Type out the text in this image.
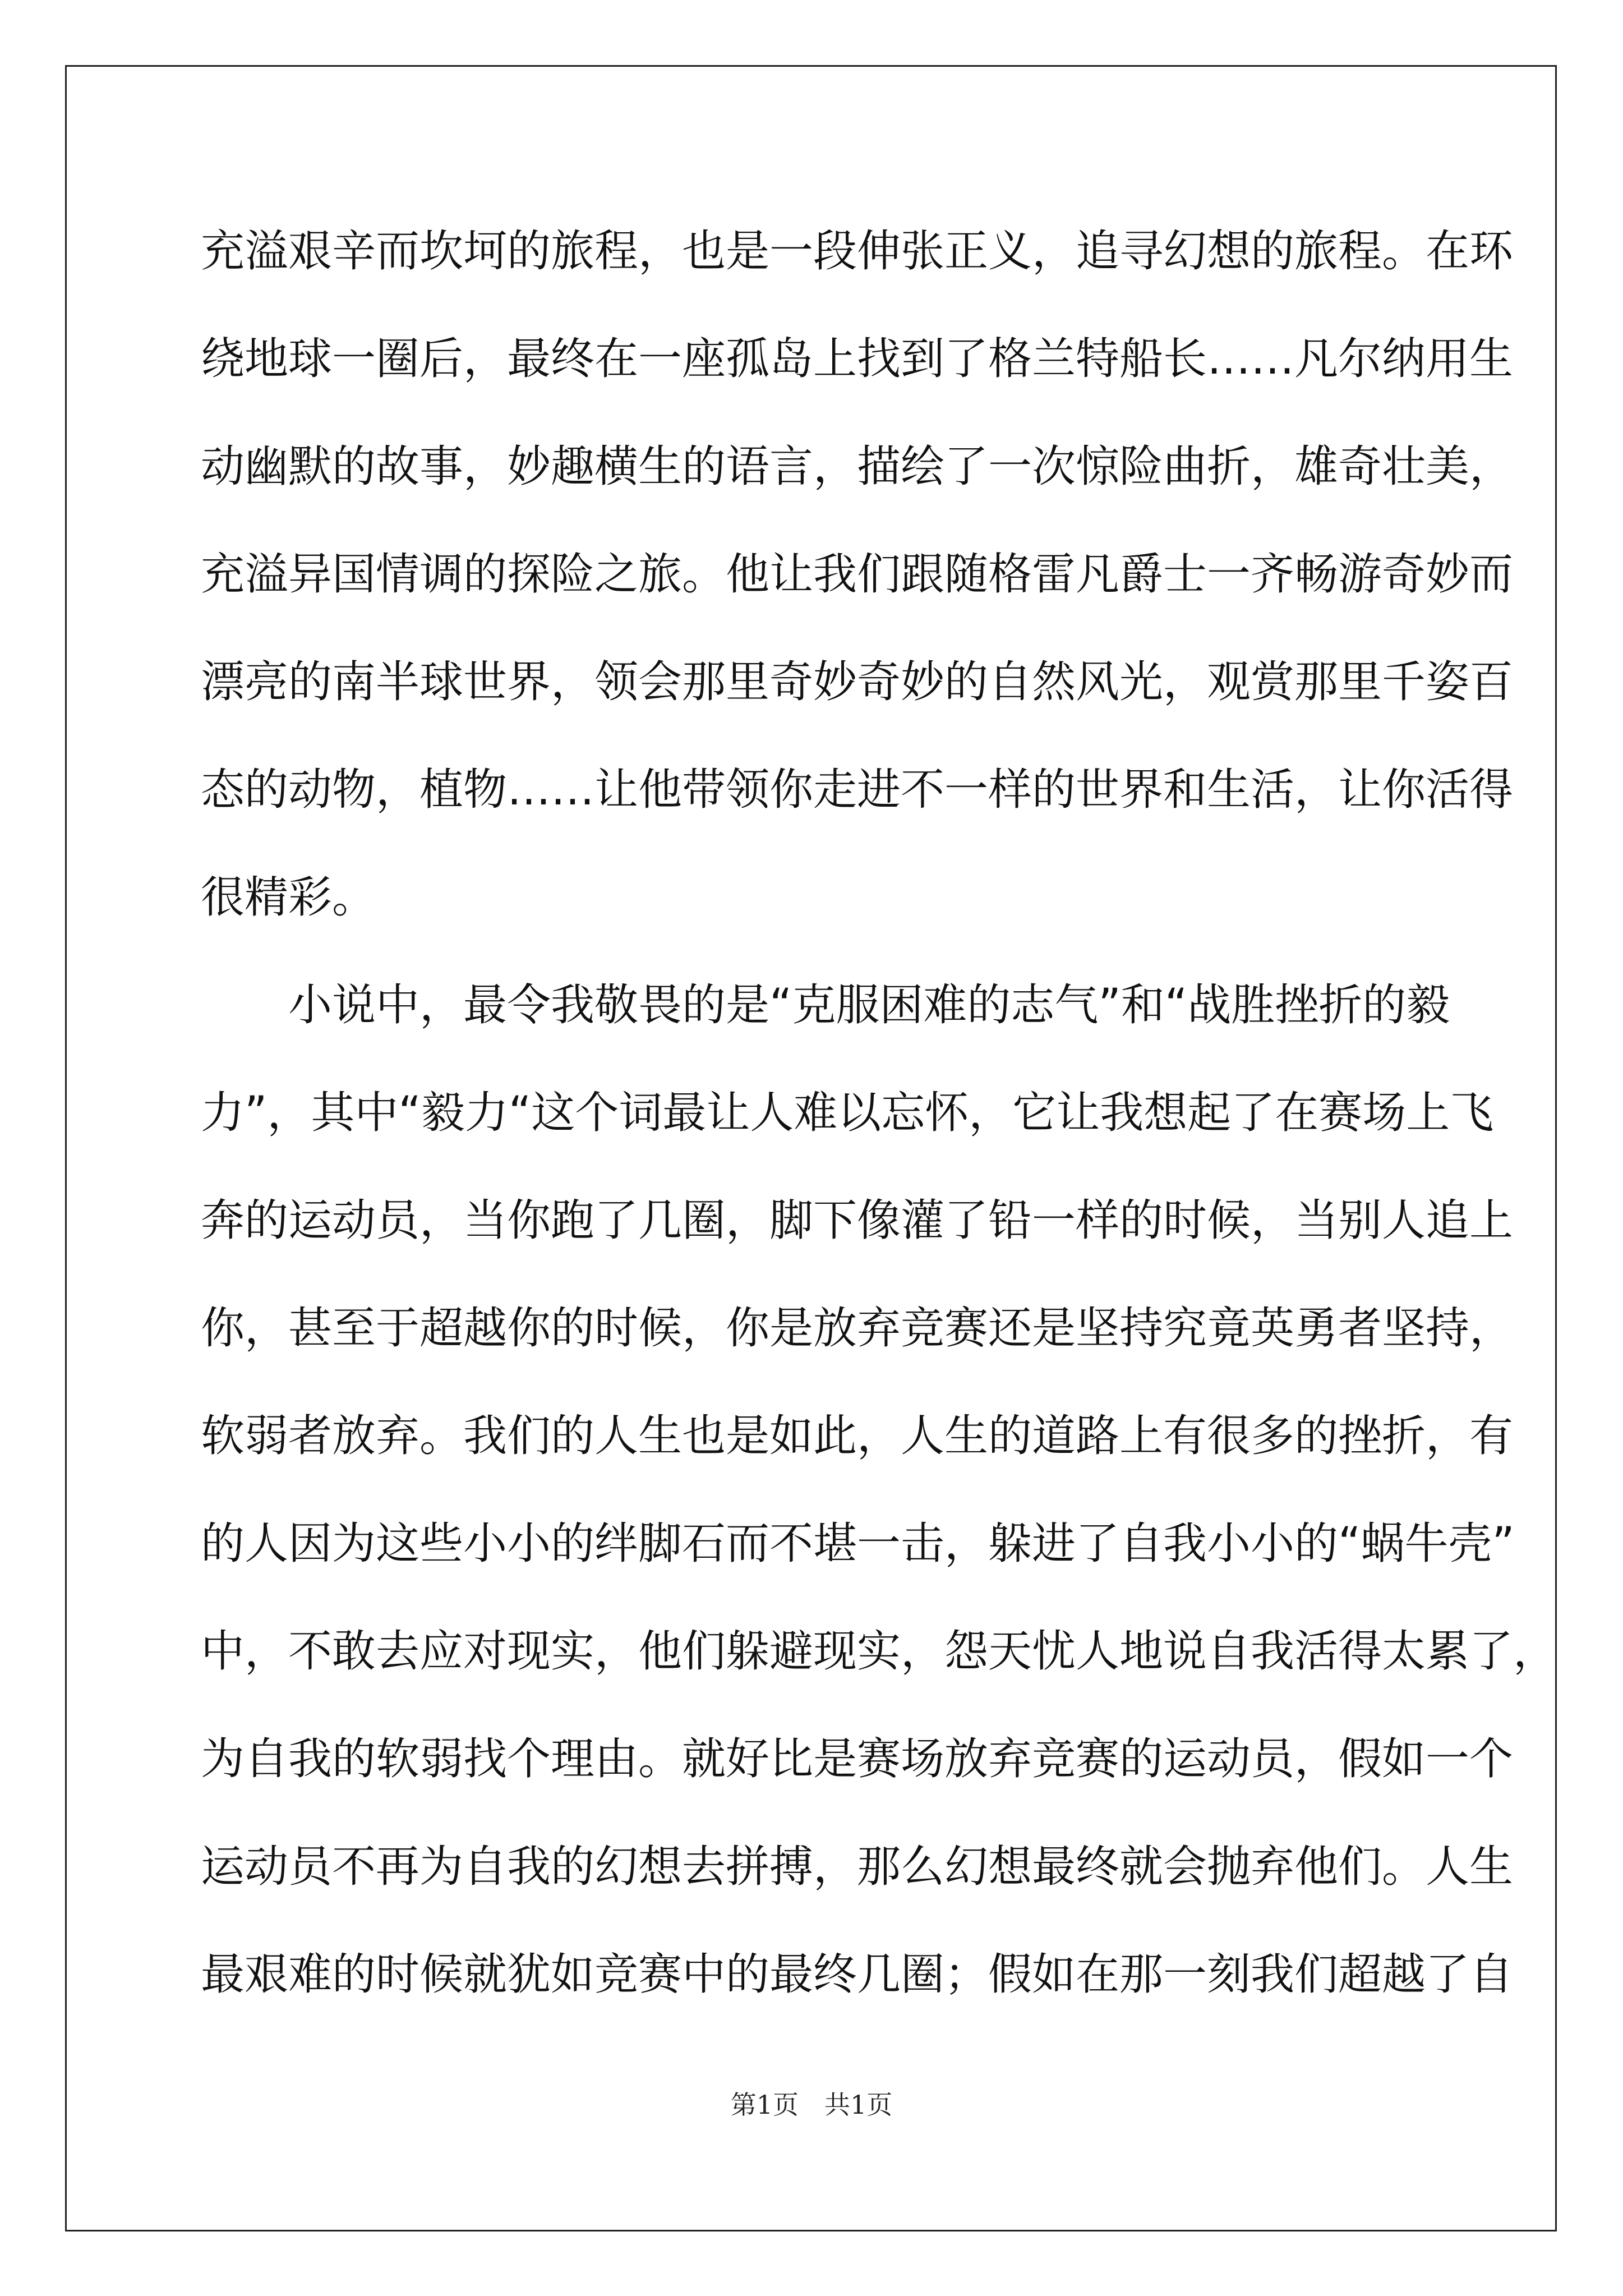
充溢艰辛而坎坷的旅程，也是一段伸张正义，追寻幻想的旅程。在环
绕地球一圈后，最终在一座孤岛上找到了格兰特船长……凡尔纳用生
动幽默的故事，妙趣横生的语言，描绘了一次惊险曲折，雄奇壮美，
充溢异国情调的探险之旅。他让我们跟随格雷凡爵士一齐畅游奇妙而
漂亮的南半球世界，领会那里奇妙奇妙的自然风光，观赏那里千姿百
态的动物，植物……让他带领你走进不一样的世界和生活，让你活得
很精彩。
小说中，最令我敬畏的是“克服困难的志气”和“战胜挫折的毅
力”，其中“毅力“这个词最让人难以忘怀，它让我想起了在赛场上飞
奔的运动员，当你跑了几圈，脚下像灌了铅一样的时候，当别人追上
你，甚至于超越你的时候，你是放弃竞赛还是坚持究竟英勇者坚持，
软弱者放弃。我们的人生也是如此，人生的道路上有很多的挫折，有
的人因为这些小小的绊脚石而不堪一击，躲进了自我小小的“蜗牛壳”
中，不敢去应对现实，他们躲避现实，怨天忧人地说自我活得太累了，
为自我的软弱找个理由。就好比是赛场放弃竞赛的运动员，假如一个
运动员不再为自我的幻想去拼搏，那么幻想最终就会抛弃他们。人生
最艰难的时候就犹如竞赛中的最终几圈；假如在那一刻我们超越了自
第1页　共1页
